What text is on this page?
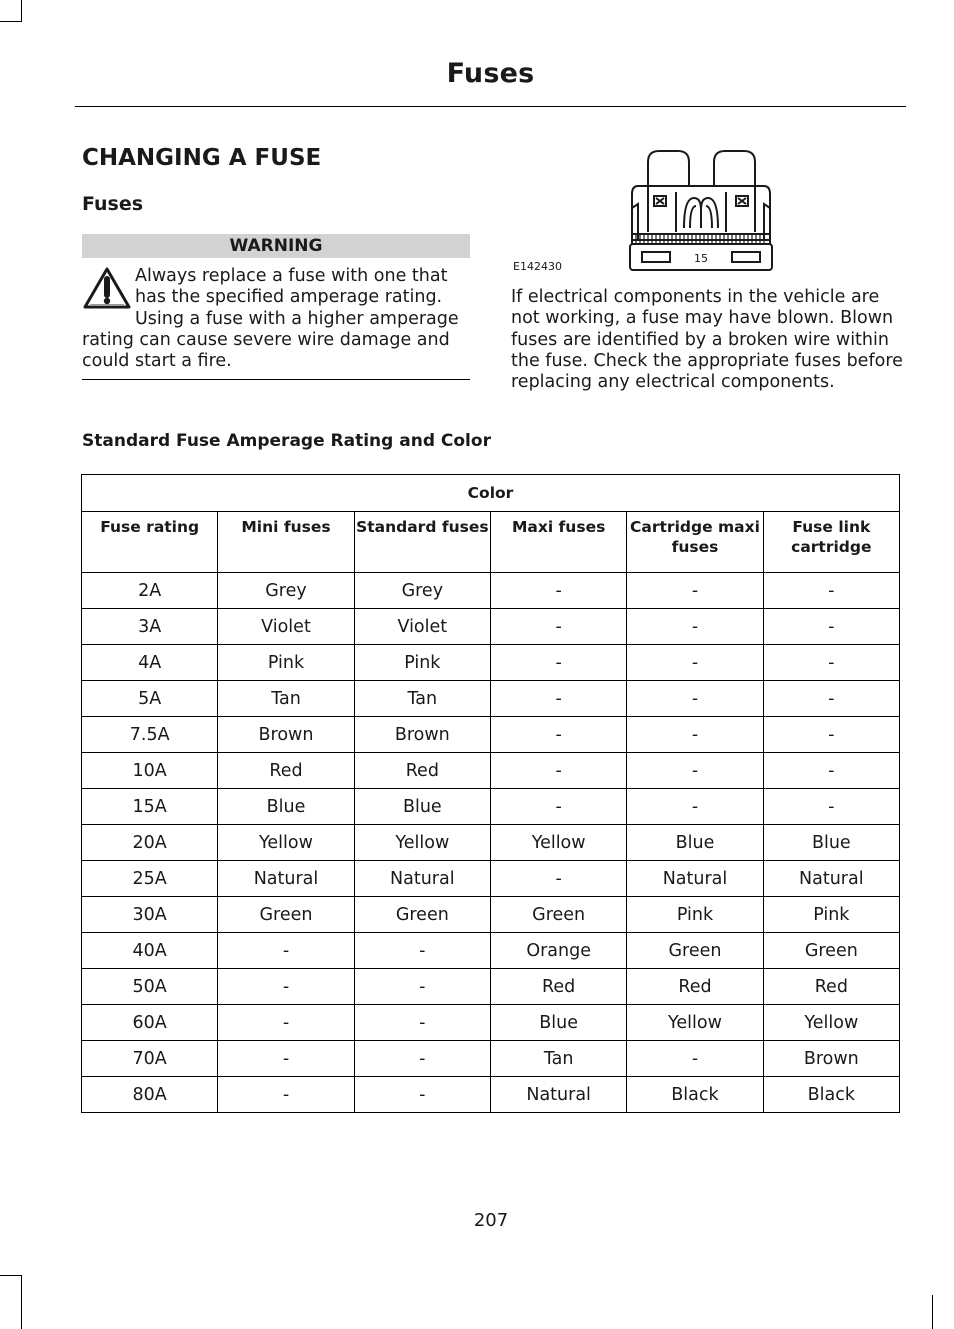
Fuses
CHANGING A FUSE
Fuses
WARNING
Always replace a fuse with one that has the specified amperage rating. Using a fuse with a higher amperage rating can cause severe wire damage and could start a fire.
15
E142430
If electrical components in the vehicle are not working, a fuse may have blown. Blown fuses are identified by a broken wire within the fuse. Check the appropriate fuses before replacing any electrical components.
Standard Fuse Amperage Rating and Color
Color					
Fuse rating	Mini fuses	Standard fuses	Maxi fuses	Cartridge maxi fuses	Fuse link cartridge
2A	Grey	Grey	-	-	-
3A	Violet	Violet	-	-	-
4A	Pink	Pink	-	-	-
5A	Tan	Tan	-	-	-
7.5A	Brown	Brown	-	-	-
10A	Red	Red	-	-	-
15A	Blue	Blue	-	-	-
20A	Yellow	Yellow	Yellow	Blue	Blue
25A	Natural	Natural	-	Natural	Natural
30A	Green	Green	Green	Pink	Pink
40A	-	-	Orange	Green	Green
50A	-	-	Red	Red	Red
60A	-	-	Blue	Yellow	Yellow
70A	-	-	Tan	-	Brown
80A	-	-	Natural	Black	Black
207
